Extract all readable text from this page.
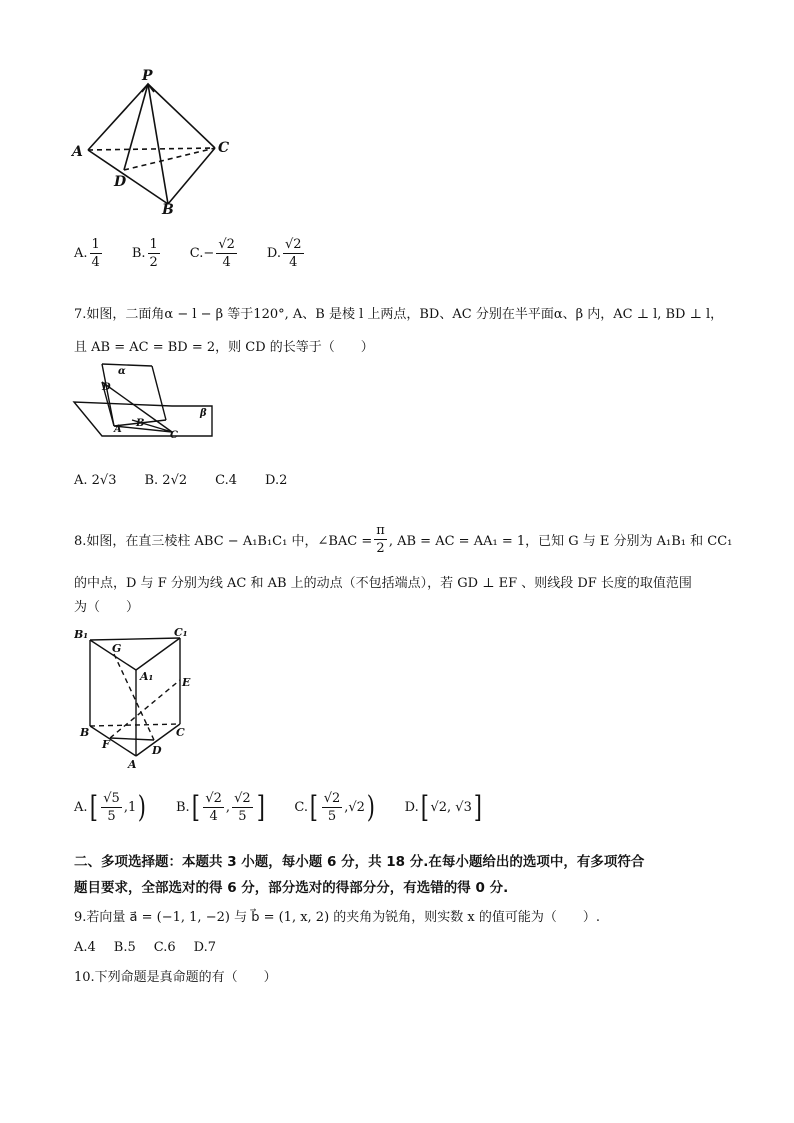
P
A	C
D
B
A. $\frac{1}{4} B$. $\frac{1}{2} C$. − $\frac{√2}{4} D$. $\frac{√2}{4}$
7.如图，二面角α − l − β 等于120°, A、B 是棱 l 上两点，BD、AC 分别在半平面α、β 内，AC ⊥ l, BD ⊥ l，
且 AB = AC = BD = 2，则 CD 的长等于（　　）
α
D
A
B
C
β
A. 2√3 B. 2√2 C.4 D.2
8.如图，在直三棱柱 ABC − A₁B₁C₁ 中，∠BAC = $\frac{\pi}{2}$ , AB = AC = AA₁ = 1，已知 G 与 E 分别为 A₁B₁ 和 CC₁
的中点，D 与 F 分别为线 AC 和 AB 上的动点（不包括端点），若 GD ⊥ EF 、则线段 DF 长度的取值范围
为（　　）
B₁	C₁
G
A₁	E
B	C
F	D
A
A. [ $\frac{√5}{5}$ , 1 ) B. [ $\frac{√2}{4}$ , $\frac{√2}{5}$ ] C. [ $\frac{√2}{5}$ , √2 ) D. [ √2, √3 ]
二、多项选择题：本题共 3 小题，每小题 6 分，共 18 分.在每小题给出的选项中，有多项符合
题目要求，全部选对的得 6 分，部分选对的得部分分，有选错的得 0 分.
9.若向量 a⃗ = (−1, 1, −2) 与 b⃗ = (1, x, 2) 的夹角为锐角，则实数 x 的值可能为（　　）.
A.4 B.5 C.6 D.7
10.下列命题是真命题的有（　　）
